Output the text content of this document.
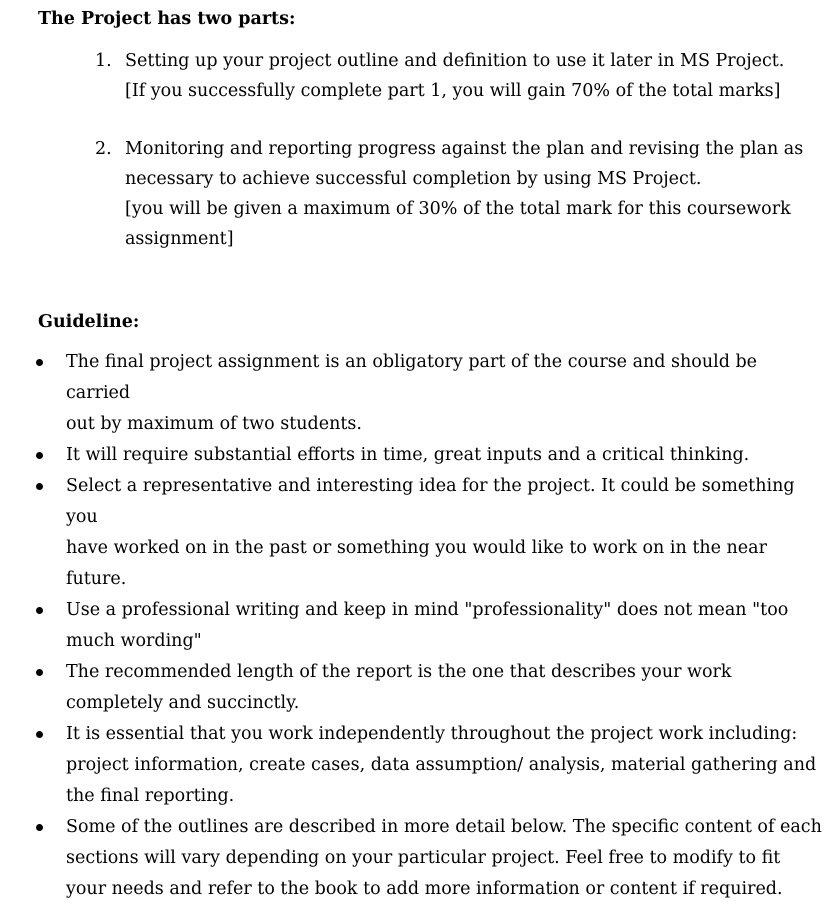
The Project has two parts:
1. Setting up your project outline and definition to use it later in MS Project.
[If you successfully complete part 1, you will gain 70% of the total marks]
2. Monitoring and reporting progress against the plan and revising the plan as
necessary to achieve successful completion by using MS Project.
[you will be given a maximum of 30% of the total mark for this coursework
assignment]
Guideline:
The final project assignment is an obligatory part of the course and should be carried
out by maximum of two students.
It will require substantial efforts in time, great inputs and a critical thinking.
Select a representative and interesting idea for the project. It could be something you
have worked on in the past or something you would like to work on in the near
future.
Use a professional writing and keep in mind "professionality" does not mean "too
much wording"
The recommended length of the report is the one that describes your work
completely and succinctly.
It is essential that you work independently throughout the project work including:
project information, create cases, data assumption/ analysis, material gathering and
the final reporting.
Some of the outlines are described in more detail below. The specific content of each
sections will vary depending on your particular project. Feel free to modify to fit
your needs and refer to the book to add more information or content if required.
